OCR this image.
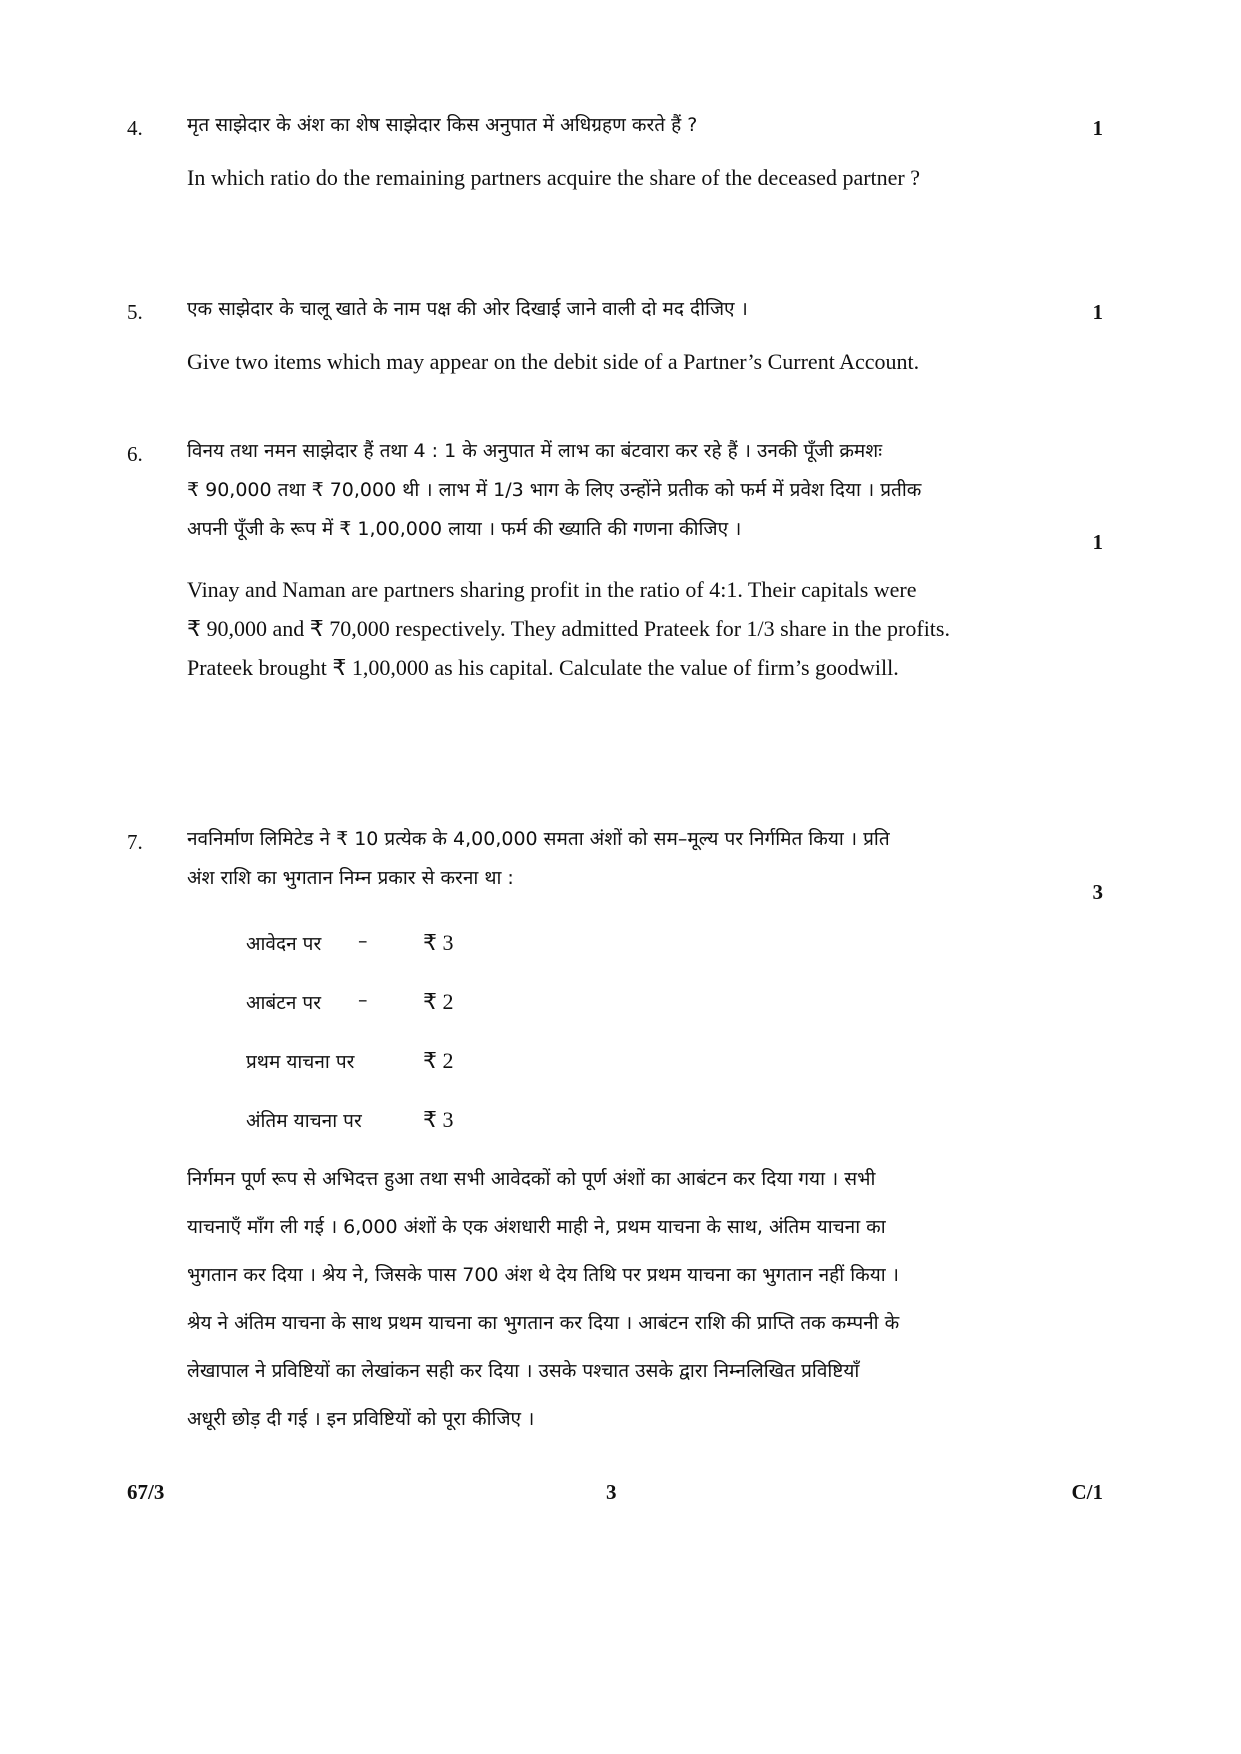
4.	मृत साझेदार के अंश का शेष साझेदार किस अनुपात में अधिग्रहण करते हैं ?	1
In which ratio do the remaining partners acquire the share of the deceased partner ?
5.	एक साझेदार के चालू खाते के नाम पक्ष की ओर दिखाई जाने वाली दो मद दीजिए ।	1
Give two items which may appear on the debit side of a Partner’s Current Account.
6.	विनय तथा नमन साझेदार हैं तथा 4 : 1 के अनुपात में लाभ का बंटवारा कर रहे हैं । उनकी पूँजी क्रमशः
₹ 90,000 तथा ₹ 70,000 थी । लाभ में 1/3 भाग के लिए उन्होंने प्रतीक को फर्म में प्रवेश दिया । प्रतीक
अपनी पूँजी के रूप में ₹ 1,00,000 लाया । फर्म की ख्याति की गणना कीजिए ।
1
Vinay and Naman are partners sharing profit in the ratio of 4:1. Their capitals were
₹ 90,000 and ₹ 70,000 respectively. They admitted Prateek for 1/3 share in the profits.
Prateek brought ₹ 1,00,000 as his capital. Calculate the value of firm’s goodwill.
7.	नवनिर्माण लिमिटेड ने ₹ 10 प्रत्येक के 4,00,000 समता अंशों को सम–मूल्य पर निर्गमित किया । प्रति
अंश राशि का भुगतान निम्न प्रकार से करना था :
3
आवेदन पर –	₹ 3
आबंटन पर –	₹ 2
प्रथम याचना पर	₹ 2
अंतिम याचना पर	₹ 3
निर्गमन पूर्ण रूप से अभिदत्त हुआ तथा सभी आवेदकों को पूर्ण अंशों का आबंटन कर दिया गया । सभी
याचनाएँ माँग ली गई । 6,000 अंशों के एक अंशधारी माही ने, प्रथम याचना के साथ, अंतिम याचना का
भुगतान कर दिया । श्रेय ने, जिसके पास 700 अंश थे देय तिथि पर प्रथम याचना का भुगतान नहीं किया ।
श्रेय ने अंतिम याचना के साथ प्रथम याचना का भुगतान कर दिया । आबंटन राशि की प्राप्ति तक कम्पनी के
लेखापाल ने प्रविष्टियों का लेखांकन सही कर दिया । उसके पश्चात उसके द्वारा निम्नलिखित प्रविष्टियाँ
अधूरी छोड़ दी गई । इन प्रविष्टियों को पूरा कीजिए ।
67/3	3	C/1
